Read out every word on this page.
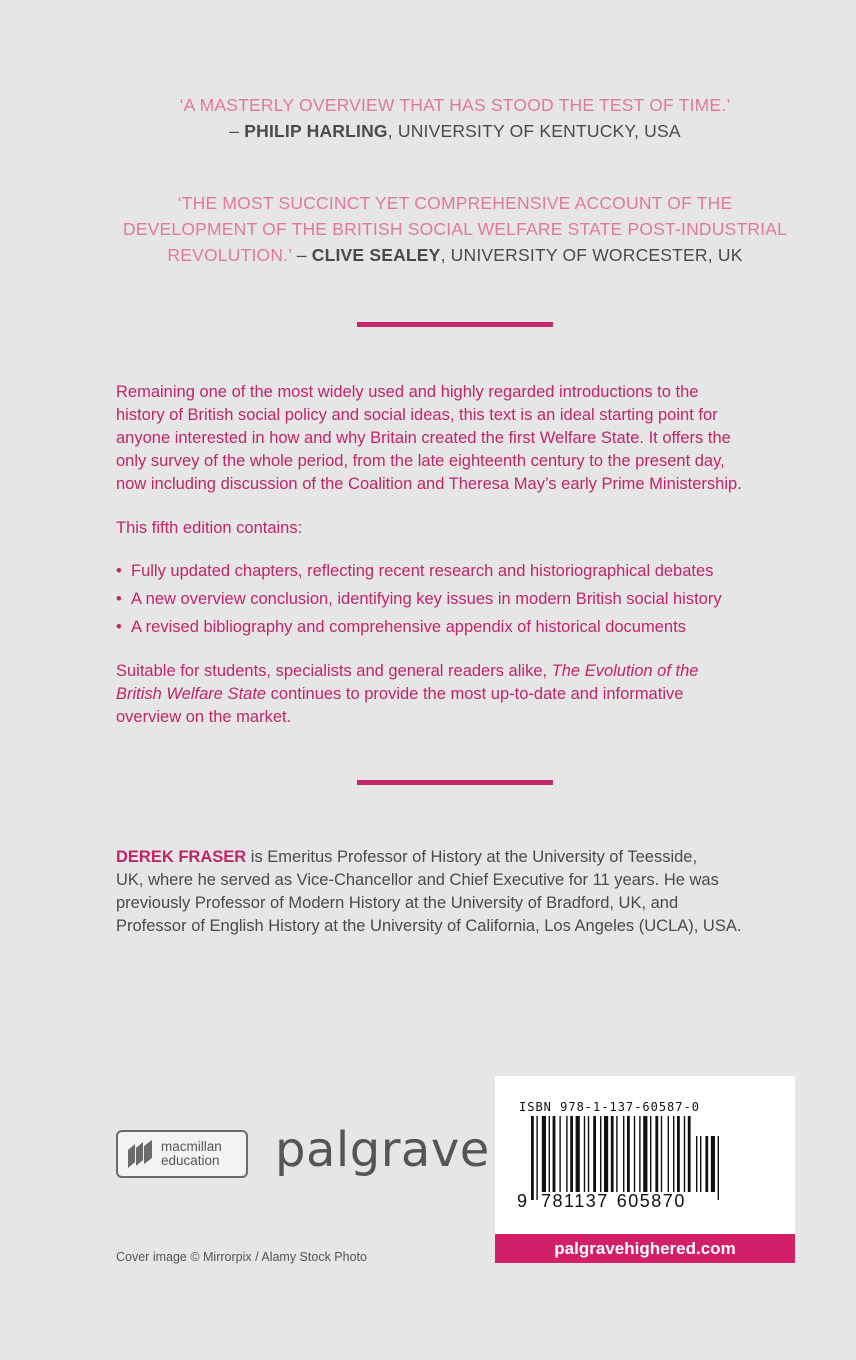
‘A MASTERLY OVERVIEW THAT HAS STOOD THE TEST OF TIME.’
– PHILIP HARLING, UNIVERSITY OF KENTUCKY, USA
‘THE MOST SUCCINCT YET COMPREHENSIVE ACCOUNT OF THE
DEVELOPMENT OF THE BRITISH SOCIAL WELFARE STATE POST-INDUSTRIAL
REVOLUTION.’ – CLIVE SEALEY, UNIVERSITY OF WORCESTER, UK

Remaining one of the most widely used and highly regarded introductions to the

history of British social policy and social ideas, this text is an ideal starting point for

anyone interested in how and why Britain created the first Welfare State. It offers the

only survey of the whole period, from the late eighteenth century to the present day,

now including discussion of the Coalition and Theresa May’s early Prime Ministership.

This fifth edition contains:

• Fully updated chapters, reflecting recent research and historiographical debates
• A new overview conclusion, identifying key issues in modern British social history
• A revised bibliography and comprehensive appendix of historical documents

Suitable for students, specialists and general readers alike, The Evolution of the

British Welfare State continues to provide the most up-to-date and informative

overview on the market.

DEREK FRASER is Emeritus Professor of History at the University of Teesside,
UK, where he served as Vice-Chancellor and Chief Executive for 11 years. He was
previously Professor of Modern History at the University of Bradford, UK, and
Professor of English History at the University of California, Los Angeles (UCLA), USA.
macmillan
education palgrave
ISBN 978-1-137-60587-0
9 781137 605870
palgravehighered.com
Cover image © Mirrorpix / Alamy Stock Photo
